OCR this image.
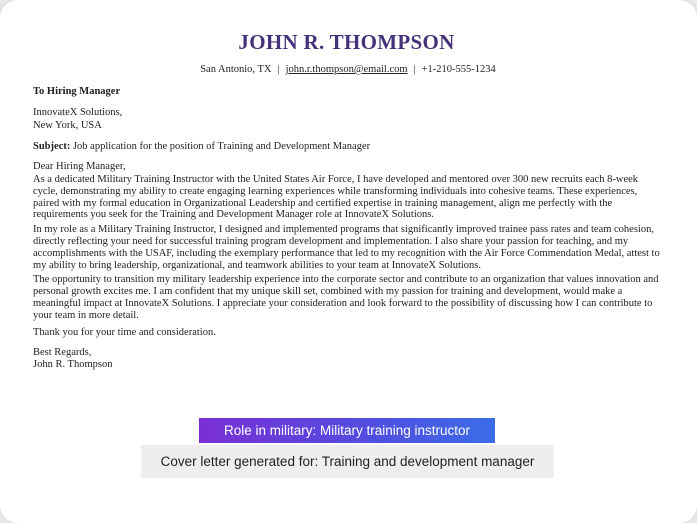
JOHN R. THOMPSON
San Antonio, TX | john.r.thompson@email.com | +1-210-555-1234
To Hiring Manager
InnovateX Solutions,
New York, USA
Subject: Job application for the position of Training and Development Manager
Dear Hiring Manager,

As a dedicated Military Training Instructor with the United States Air Force, I have developed and mentored over 300 new recruits each 8-week cycle, demonstrating my ability to create engaging learning experiences while transforming individuals into cohesive teams. These experiences, paired with my formal education in Organizational Leadership and certified expertise in training management, align me perfectly with the requirements you seek for the Training and Development Manager role at InnovateX Solutions.

In my role as a Military Training Instructor, I designed and implemented programs that significantly improved trainee pass rates and team cohesion, directly reflecting your need for successful training program development and implementation. I also share your passion for teaching, and my accomplishments with the USAF, including the exemplary performance that led to my recognition with the Air Force Commendation Medal, attest to my ability to bring leadership, organizational, and teamwork abilities to your team at InnovateX Solutions.

The opportunity to transition my military leadership experience into the corporate sector and contribute to an organization that values innovation and personal growth excites me. I am confident that my unique skill set, combined with my passion for training and development, would make a meaningful impact at InnovateX Solutions. I appreciate your consideration and look forward to the possibility of discussing how I can contribute to your team in more detail.

Thank you for your time and consideration.
Best Regards,
John R. Thompson
Role in military: Military training instructor
Cover letter generated for: Training and development manager
